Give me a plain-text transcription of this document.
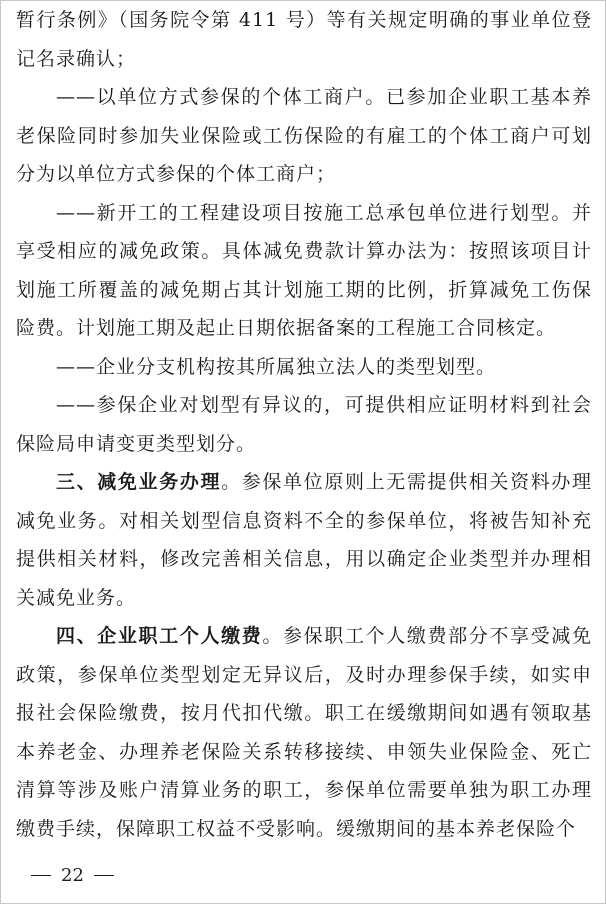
暂行条例》（国务院令第 411 号）等有关规定明确的事业单位登记名录确认；

——以单位方式参保的个体工商户。已参加企业职工基本养老保险同时参加失业保险或工伤保险的有雇工的个体工商户可划分为以单位方式参保的个体工商户；

——新开工的工程建设项目按施工总承包单位进行划型。并享受相应的减免政策。具体减免费款计算办法为：按照该项目计划施工所覆盖的减免期占其计划施工期的比例，折算减免工伤保险费。计划施工期及起止日期依据备案的工程施工合同核定。

——企业分支机构按其所属独立法人的类型划型。

——参保企业对划型有异议的，可提供相应证明材料到社会保险局申请变更类型划分。

三、减免业务办理。参保单位原则上无需提供相关资料办理减免业务。对相关划型信息资料不全的参保单位，将被告知补充提供相关材料，修改完善相关信息，用以确定企业类型并办理相关减免业务。

四、企业职工个人缴费。参保职工个人缴费部分不享受减免政策，参保单位类型划定无异议后，及时办理参保手续，如实申报社会保险缴费，按月代扣代缴。职工在缓缴期间如遇有领取基本养老金、办理养老保险关系转移接续、申领失业保险金、死亡清算等涉及账户清算业务的职工，参保单位需要单独为职工办理缴费手续，保障职工权益不受影响。缓缴期间的基本养老保险个

22
